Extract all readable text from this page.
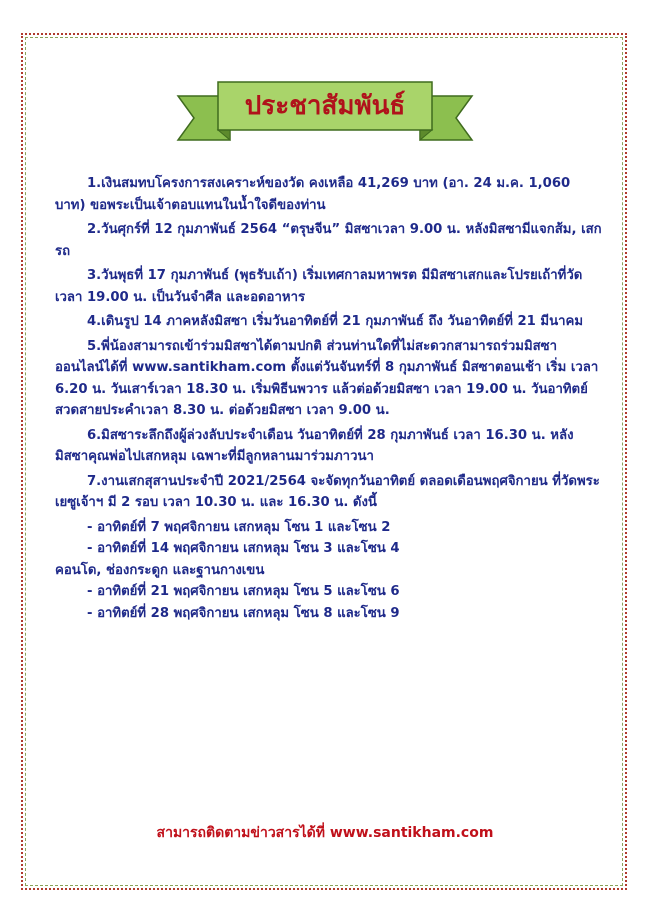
ประชาสัมพันธ์

1.เงินสมทบโครงการสงเคราะห์ของวัด คงเหลือ 41,269 บาท (อา. 24 ม.ค. 1,060 บาท) ขอพระเป็นเจ้าตอบแทนในน้ำใจดีของท่าน

2.วันศุกร์ที่ 12 กุมภาพันธ์ 2564 “ตรุษจีน” มิสซาเวลา 9.00 น. หลังมิสซามีแจกส้ม, เสกรถ

3.วันพุธที่ 17 กุมภาพันธ์ (พุธรับเถ้า) เริ่มเทศกาลมหาพรต มีมิสซาเสกและโปรยเถ้าที่วัด เวลา 19.00 น. เป็นวันจำศีล และอดอาหาร

4.เดินรูป 14 ภาคหลังมิสซา เริ่มวันอาทิตย์ที่ 21 กุมภาพันธ์ ถึง วันอาทิตย์ที่ 21 มีนาคม

5.พี่น้องสามารถเข้าร่วมมิสซาได้ตามปกติ ส่วนท่านใดที่ไม่สะดวกสามารถร่วมมิสซาออนไลน์ได้ที่ www.santikham.com ตั้งแต่วันจันทร์ที่ 8 กุมภาพันธ์ มิสซาตอนเช้า เริ่ม เวลา 6.20 น. วันเสาร์เวลา 18.30 น. เริ่มพิธีนพวาร แล้วต่อด้วยมิสซา เวลา 19.00 น. วันอาทิตย์สวดสายประคำเวลา 8.30 น. ต่อด้วยมิสซา เวลา 9.00 น.

6.มิสซาระลึกถึงผู้ล่วงลับประจำเดือน วันอาทิตย์ที่ 28 กุมภาพันธ์ เวลา 16.30 น. หลังมิสซาคุณพ่อไปเสกหลุม เฉพาะที่มีลูกหลานมาร่วมภาวนา

7.งานเสกสุสานประจำปี 2021/2564 จะจัดทุกวันอาทิตย์ ตลอดเดือนพฤศจิกายน ที่วัดพระเยซูเจ้าฯ มี 2 รอบ เวลา 10.30 น. และ 16.30 น. ดังนี้

- อาทิตย์ที่ 7 พฤศจิกายน เสกหลุม โซน 1 และโซน 2

- อาทิตย์ที่ 14 พฤศจิกายน เสกหลุม โซน 3 และโซน 4

คอนโด, ช่องกระดูก และฐานกางเขน

- อาทิตย์ที่ 21 พฤศจิกายน เสกหลุม โซน 5 และโซน 6

- อาทิตย์ที่ 28 พฤศจิกายน เสกหลุม โซน 8 และโซน 9

สามารถติดตามข่าวสารได้ที่ www.santikham.com
